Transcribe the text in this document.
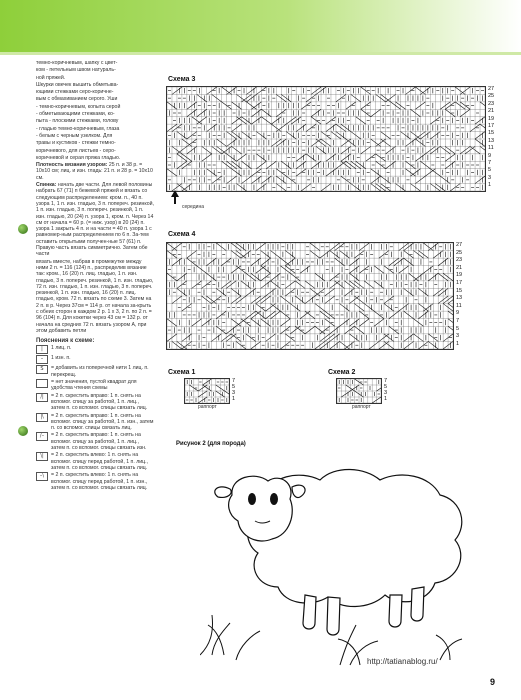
темно-коричневым, шапку с цвет-

ком - петельным швом натураль-

ной пряжей.

Шкурки овечек вышить обметыва-

ющими стежками серо-коричне-

вым с обмахиванием серого. Уши

- темно-коричневым, копыта серой

- обметывающими стежками, ко-

пыта - плоскими стежками, голову

- гладью темно-коричневым, глаза

- белым с черным узелком. Для

травы и кустиков - стежки темно-

коричневого, для листьев - серо-

коричневой и серая пряжа гладью.

Плотность вязания узором: 25 п. и 38 р. = 10x10 см; лиц. и изн. гладь: 21 п. и 28 р. = 10x10 см.

Спинка: начать две части. Для левой половины набрать 67 (71) п бежевой пряжей и вязать со следующим распределением: кром. п., 40 п. узора 1, 1 п. изн. гладью, 3 п. попереч. резинкой, 1 п. изн. гладью, 3 п. попереч. резинкой, 1 п. изн. гладью, 20 (24) п. узора 1, кром. п. Через 14 см от начала = 60 р. (= ниж. узор) в 20 (24) п. узора 1 закрыть 4 п. и на части = 40 п. узора 1 с равномер-ным распределением по 6 п. За-тем оставить открытыми получен-ные 57 (61) п. Правую часть вязать симметрично. Затем обе части

вязать вместе, набрав в промежутке между ними 2 п. = 116 (124) п., распределив вязание так: кром., 16 (20) п. лиц. гладью, 1 п. изн. гладью, 3 п. попереч. резинкой, 1 п. изн. гладью, 72 п. изн. гладью, 1 п. изн. гладью, 3 п. попереч. резинкой, 1 п. изн. гладью, 16 (20) п. лиц. гладью, кром. 72 п. вязать по схеме 3. Затем на 2 п. в р. Через 37см = 114 р. от начала за-крыть с обеих сторон в каждом 2 р. 1 x 3, 2 п. по 2 п. = 96 (104) п. Для кокетки через 43 см = 132 р. от начала на средних 72 п. вязать узором А, при этом добавить петли

Пояснения к схеме:
|	1 лиц. п.
–	1 изн. п.
S	= добавить из поперечной нити 1 лиц. п. перекрещ.
= нет значения, пустой квадрат для удобства чтения схемы
/|	= 2 п. скрестить вправо: 1 п. снять на вспомог. спицу за работой, 1 п. лиц., затем п. со вспомог. спицы связать лиц.
|\	= 2 п. скрестить вправо: 1 п. снять на вспомог. спицу за работой, 1 п. изн., затем п. со вспомог. спицы связать лиц.
/–	= 2 п. скрестить вправо: 1 п. снять на вспомог. спицу за работой, 1 п. лиц., затем п. со вспомог. спицы связать изн.
\|	= 2 п. скрестить влево: 1 п. снять на вспомог. спицу перед работой, 1 п. лиц., затем п. со вспомог. спицы связать лиц.
–\	= 2 п. скрестить влево: 1 п. снять на вспомог. спицу перед работой, 1 п. изн., затем п. со вспомог. спицы связать лиц.
Схема 3
27
25
23
21
19
17
15
13
11
9
7
5
3
1
середина
Схема 4
27
25
23
21
19
17
15
13
11
9
7
5
3
1
Схема 1
7
5
3
1
раппорт
Схема 2
7
5
3
1
раппорт
Рисунок 2 (для порода)
http://tatianablog.ru/
9
